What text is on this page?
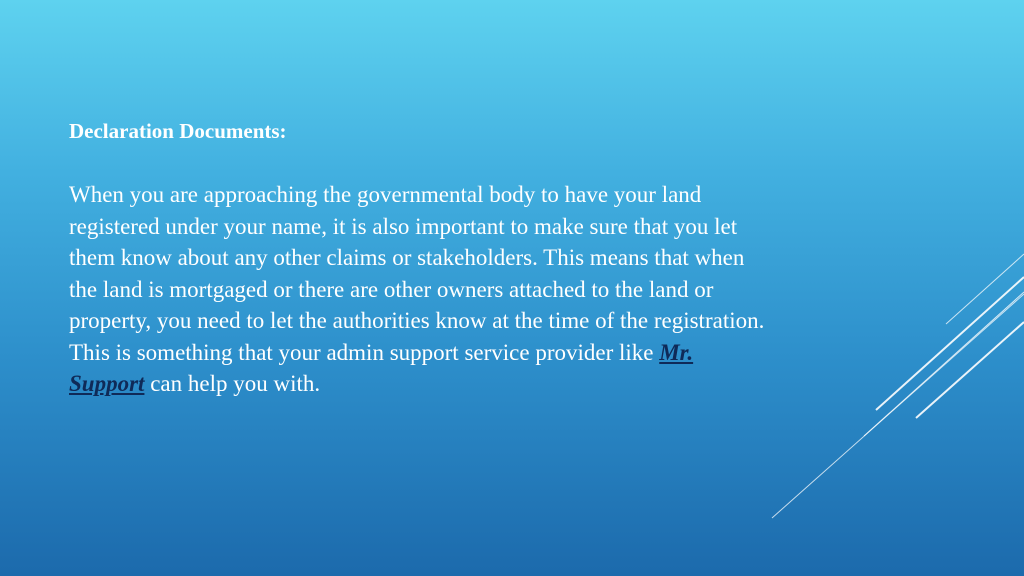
Declaration Documents:

When you are approaching the governmental body to have your land registered under your name, it is also important to make sure that you let them know about any other claims or stakeholders. This means that when the land is mortgaged or there are other owners attached to the land or property, you need to let the authorities know at the time of the registration. This is something that your admin support service provider like Mr. Support can help you with.
